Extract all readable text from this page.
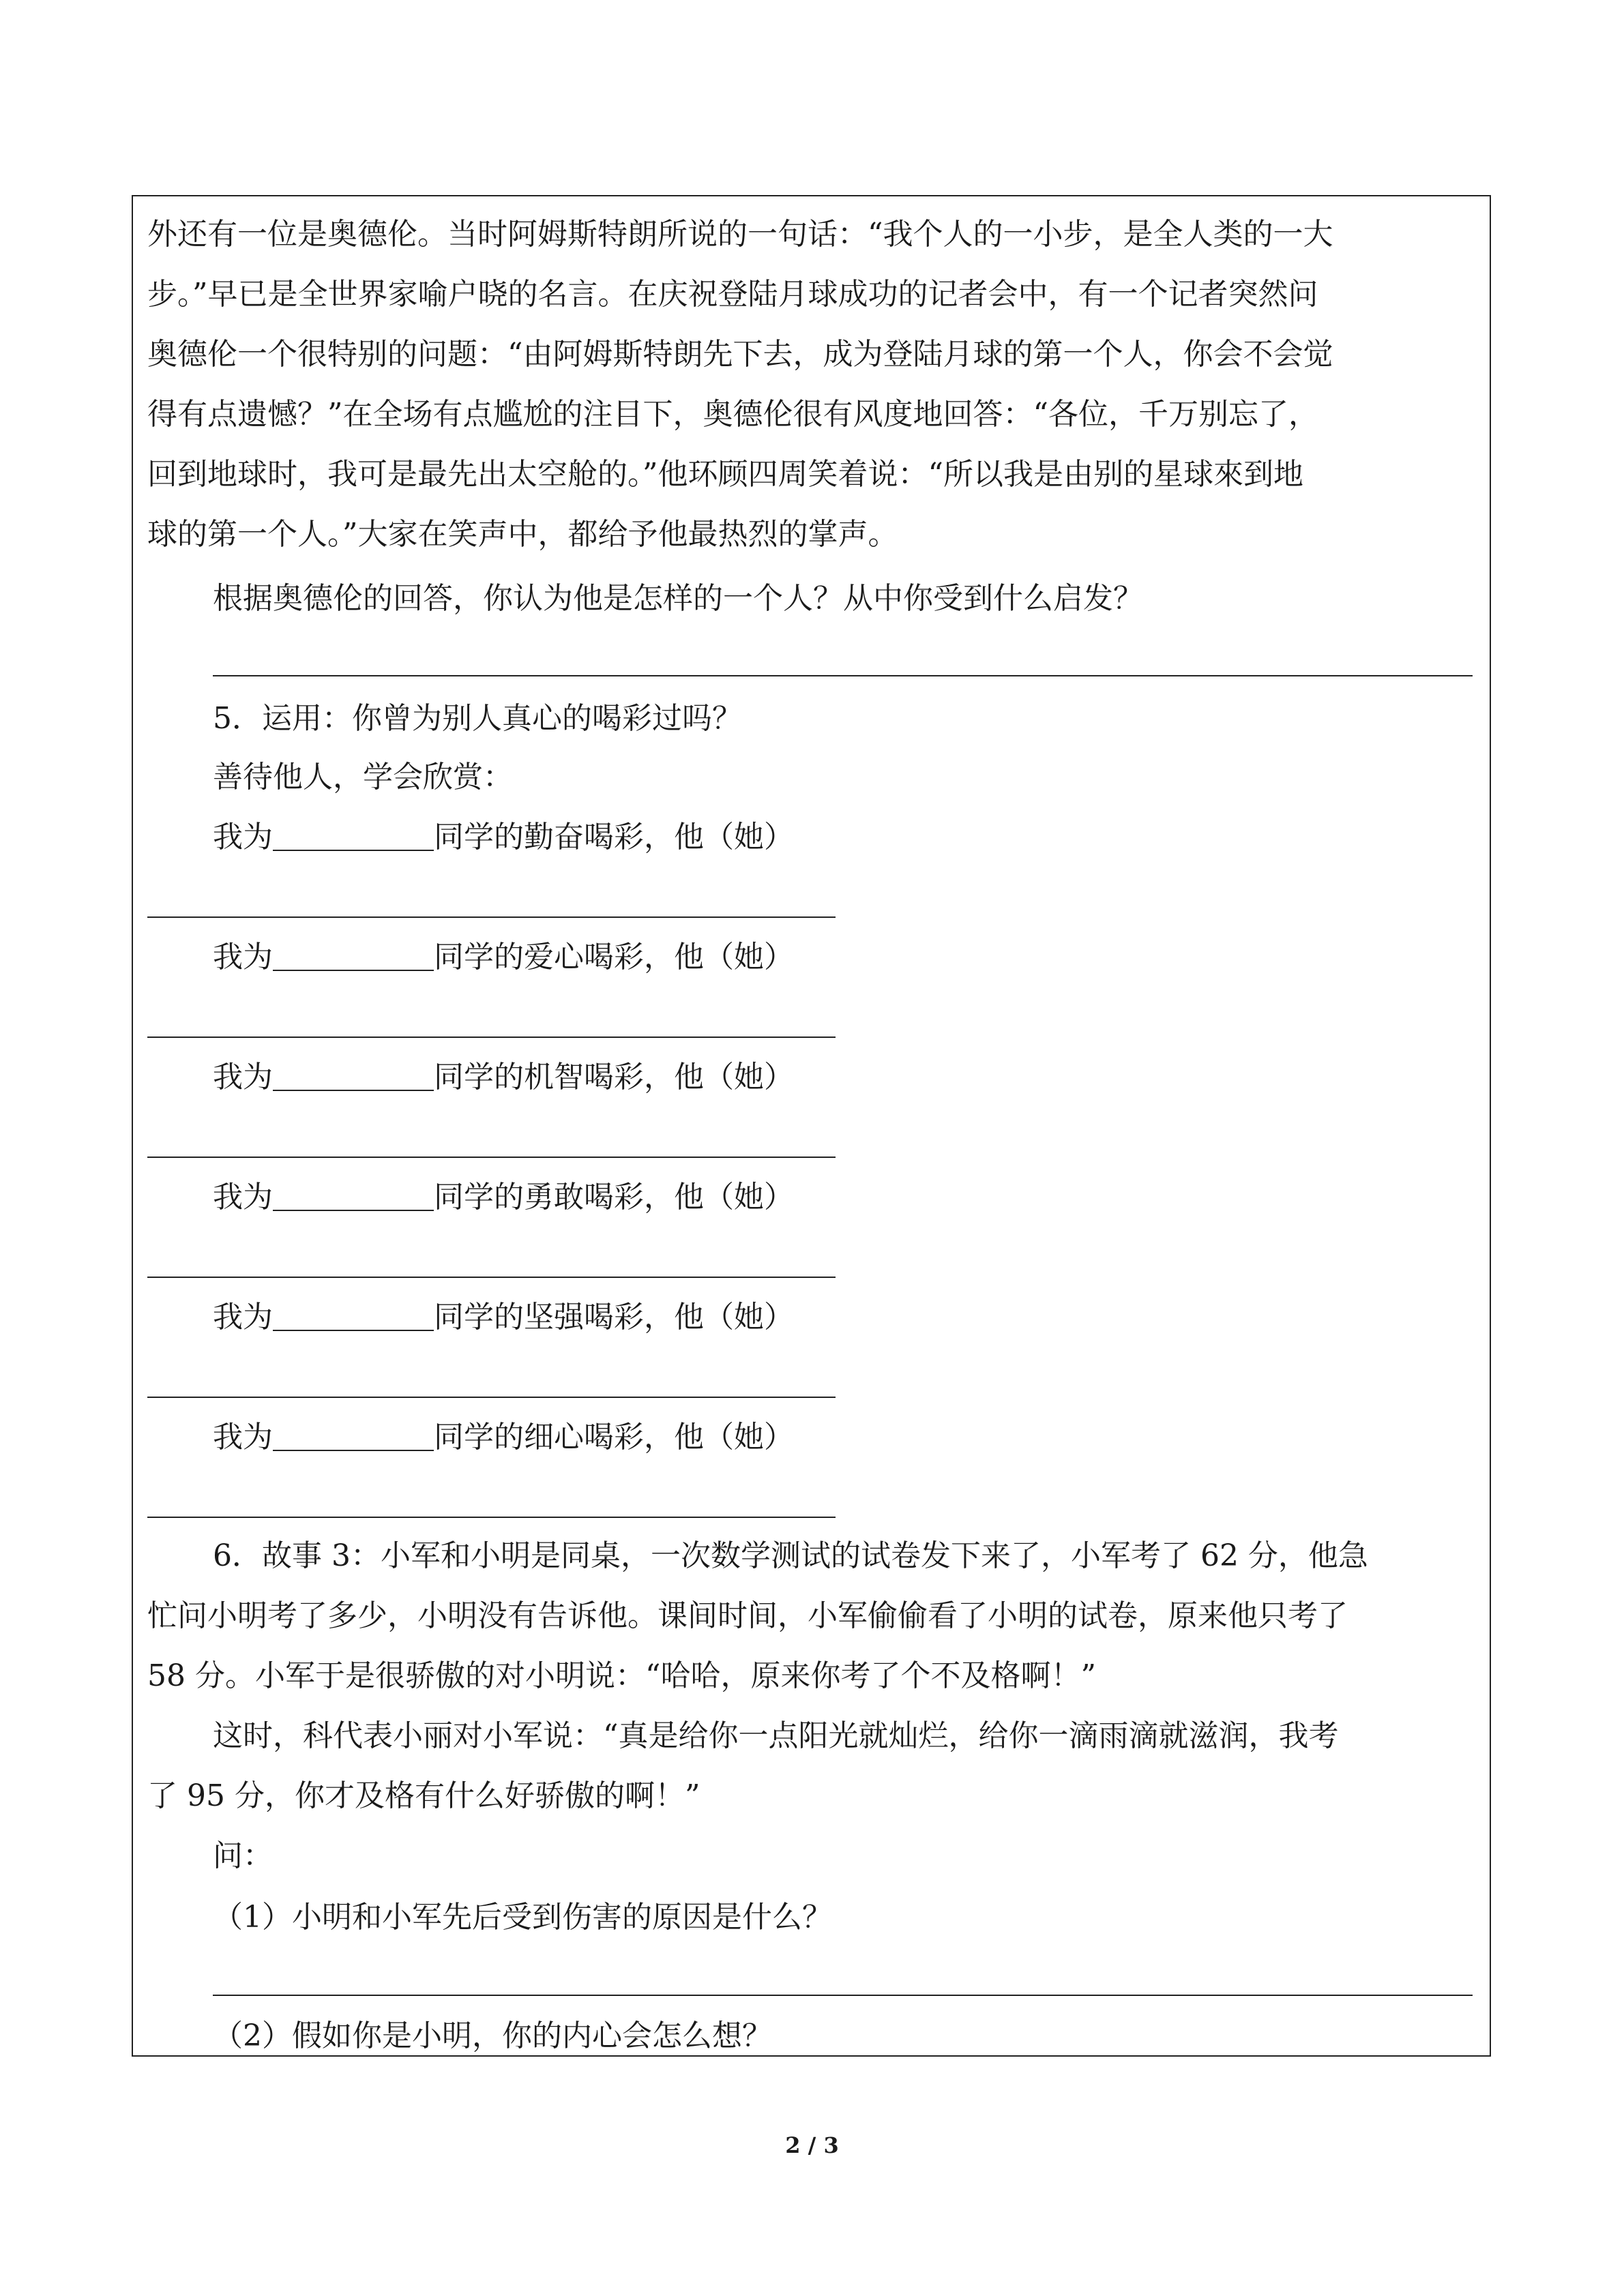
外还有一位是奥德伦。当时阿姆斯特朗所说的一句话：“我个人的一小步，是全人类的一大

步。”早已是全世界家喻户晓的名言。在庆祝登陆月球成功的记者会中，有一个记者突然问

奥德伦一个很特别的问题：“由阿姆斯特朗先下去，成为登陆月球的第一个人，你会不会觉

得有点遗憾？”在全场有点尴尬的注目下，奥德伦很有风度地回答：“各位，千万别忘了，

回到地球时，我可是最先出太空舱的。”他环顾四周笑着说：“所以我是由别的星球來到地

球的第一个人。”大家在笑声中，都给予他最热烈的掌声。

根据奥德伦的回答，你认为他是怎样的一个人？从中你受到什么启发？

5．运用：你曾为别人真心的喝彩过吗？

善待他人，学会欣赏：

我为	同学的勤奋喝彩，他（她）

我为	同学的爱心喝彩，他（她）

我为	同学的机智喝彩，他（她）

我为	同学的勇敢喝彩，他（她）

我为	同学的坚强喝彩，他（她）

我为	同学的细心喝彩，他（她）

6．故事 3：小军和小明是同桌，一次数学测试的试卷发下来了，小军考了 62 分，他急

忙问小明考了多少，小明没有告诉他。课间时间，小军偷偷看了小明的试卷，原来他只考了

58 分。小军于是很骄傲的对小明说：“哈哈，原来你考了个不及格啊！”

这时，科代表小丽对小军说：“真是给你一点阳光就灿烂，给你一滴雨滴就滋润，我考

了 95 分，你才及格有什么好骄傲的啊！”

问：

（1）小明和小军先后受到伤害的原因是什么？

（2）假如你是小明，你的内心会怎么想？

2 / 3
